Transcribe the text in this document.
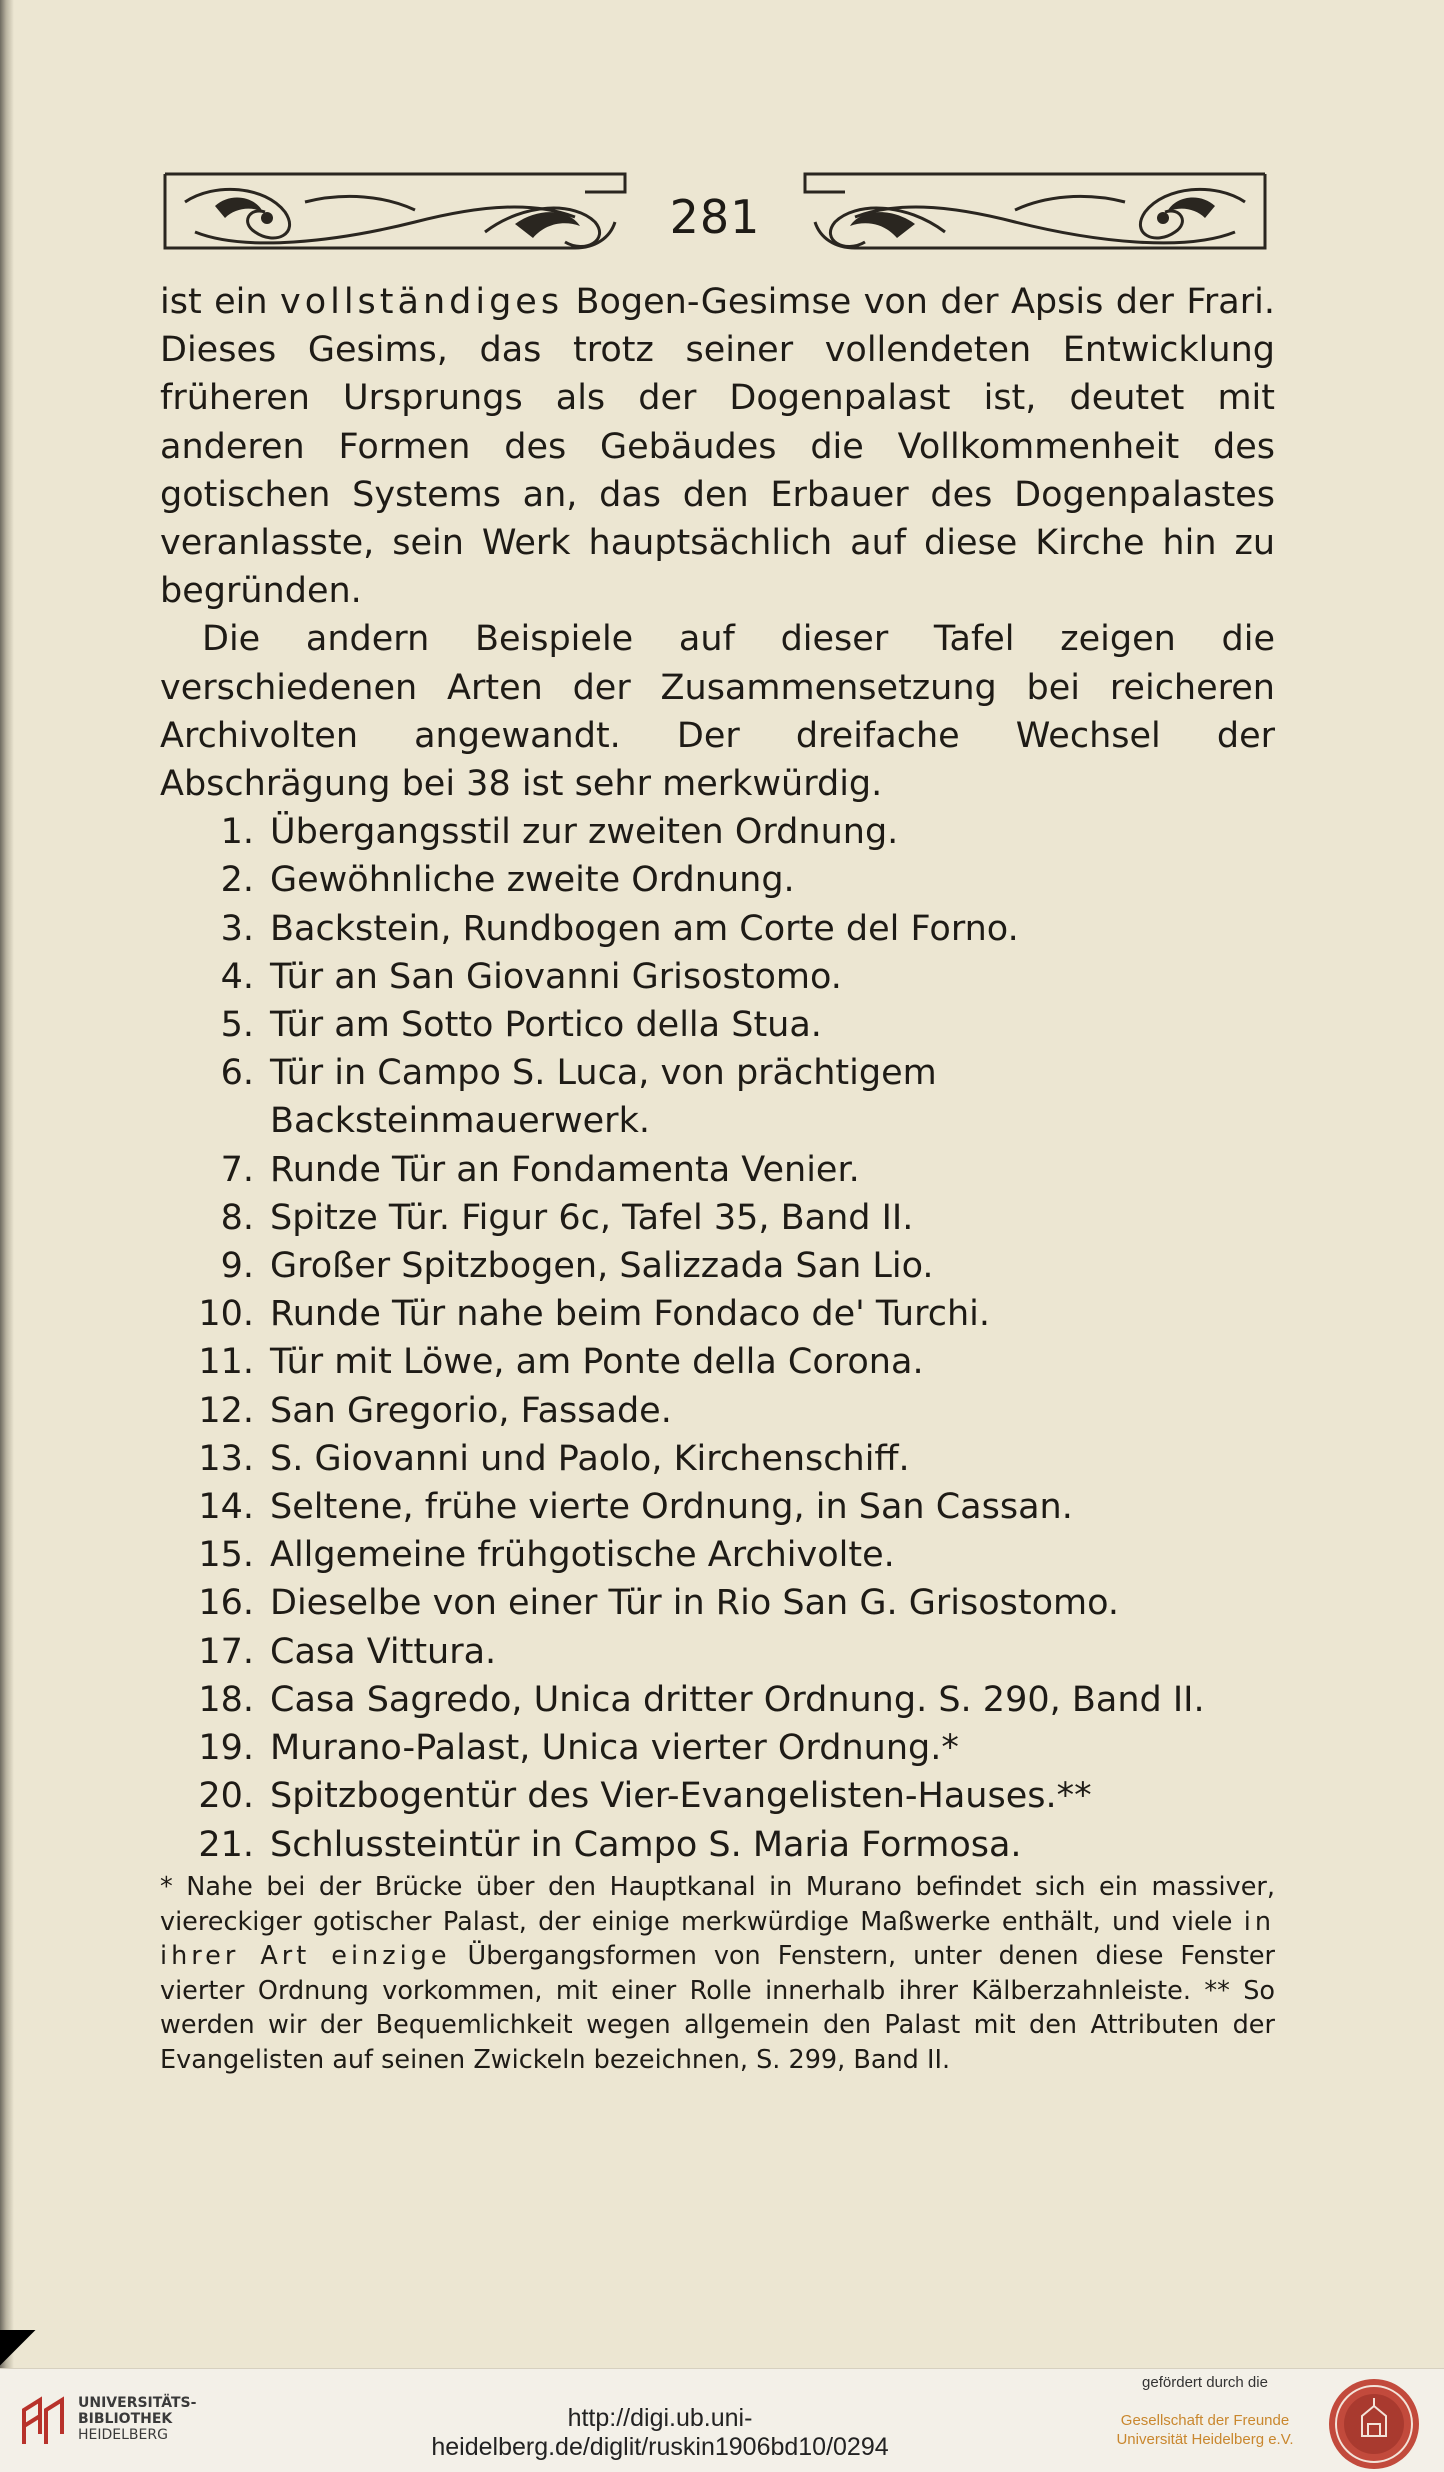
281

ist ein vollständiges Bogen-Gesimse von der Apsis der Frari. Dieses Gesims, das trotz seiner vollendeten Entwicklung früheren Ursprungs als der Dogenpalast ist, deutet mit anderen Formen des Gebäudes die Vollkommenheit des gotischen Systems an, das den Erbauer des Dogenpalastes veranlasste, sein Werk hauptsächlich auf diese Kirche hin zu begründen.

Die andern Beispiele auf dieser Tafel zeigen die verschiedenen Arten der Zusammensetzung bei reicheren Archivolten angewandt. Der dreifache Wechsel der Abschrägung bei 38 ist sehr merkwürdig.

1. Übergangsstil zur zweiten Ordnung.
2. Gewöhnliche zweite Ordnung.
3. Backstein, Rundbogen am Corte del Forno.
4. Tür an San Giovanni Grisostomo.
5. Tür am Sotto Portico della Stua.
6. Tür in Campo S. Luca, von prächtigem Backsteinmauerwerk.
7. Runde Tür an Fondamenta Venier.
8. Spitze Tür. Figur 6c, Tafel 35, Band II.
9. Großer Spitzbogen, Salizzada San Lio.
10. Runde Tür nahe beim Fondaco de' Turchi.
11. Tür mit Löwe, am Ponte della Corona.
12. San Gregorio, Fassade.
13. S. Giovanni und Paolo, Kirchenschiff.
14. Seltene, frühe vierte Ordnung, in San Cassan.
15. Allgemeine frühgotische Archivolte.
16. Dieselbe von einer Tür in Rio San G. Grisostomo.
17. Casa Vittura.
18. Casa Sagredo, Unica dritter Ordnung. S. 290, Band II.
19. Murano-Palast, Unica vierter Ordnung.*
20. Spitzbogentür des Vier-Evangelisten-Hauses.**
21. Schlussteintür in Campo S. Maria Formosa.

* Nahe bei der Brücke über den Hauptkanal in Murano befindet sich ein massiver, viereckiger gotischer Palast, der einige merkwürdige Maßwerke enthält, und viele in ihrer Art einzige Übergangsformen von Fenstern, unter denen diese Fenster vierter Ordnung vorkommen, mit einer Rolle innerhalb ihrer Kälberzahnleiste. ** So werden wir der Bequemlichkeit wegen allgemein den Palast mit den Attributen der Evangelisten auf seinen Zwickeln bezeichnen, S. 299, Band II.

UNIVERSITÄTS-
BIBLIOTHEK
HEIDELBERG
http://digi.ub.uni-heidelberg.de/diglit/ruskin1906bd10/0294
gefördert durch die
Gesellschaft der Freunde
Universität Heidelberg e.V.
